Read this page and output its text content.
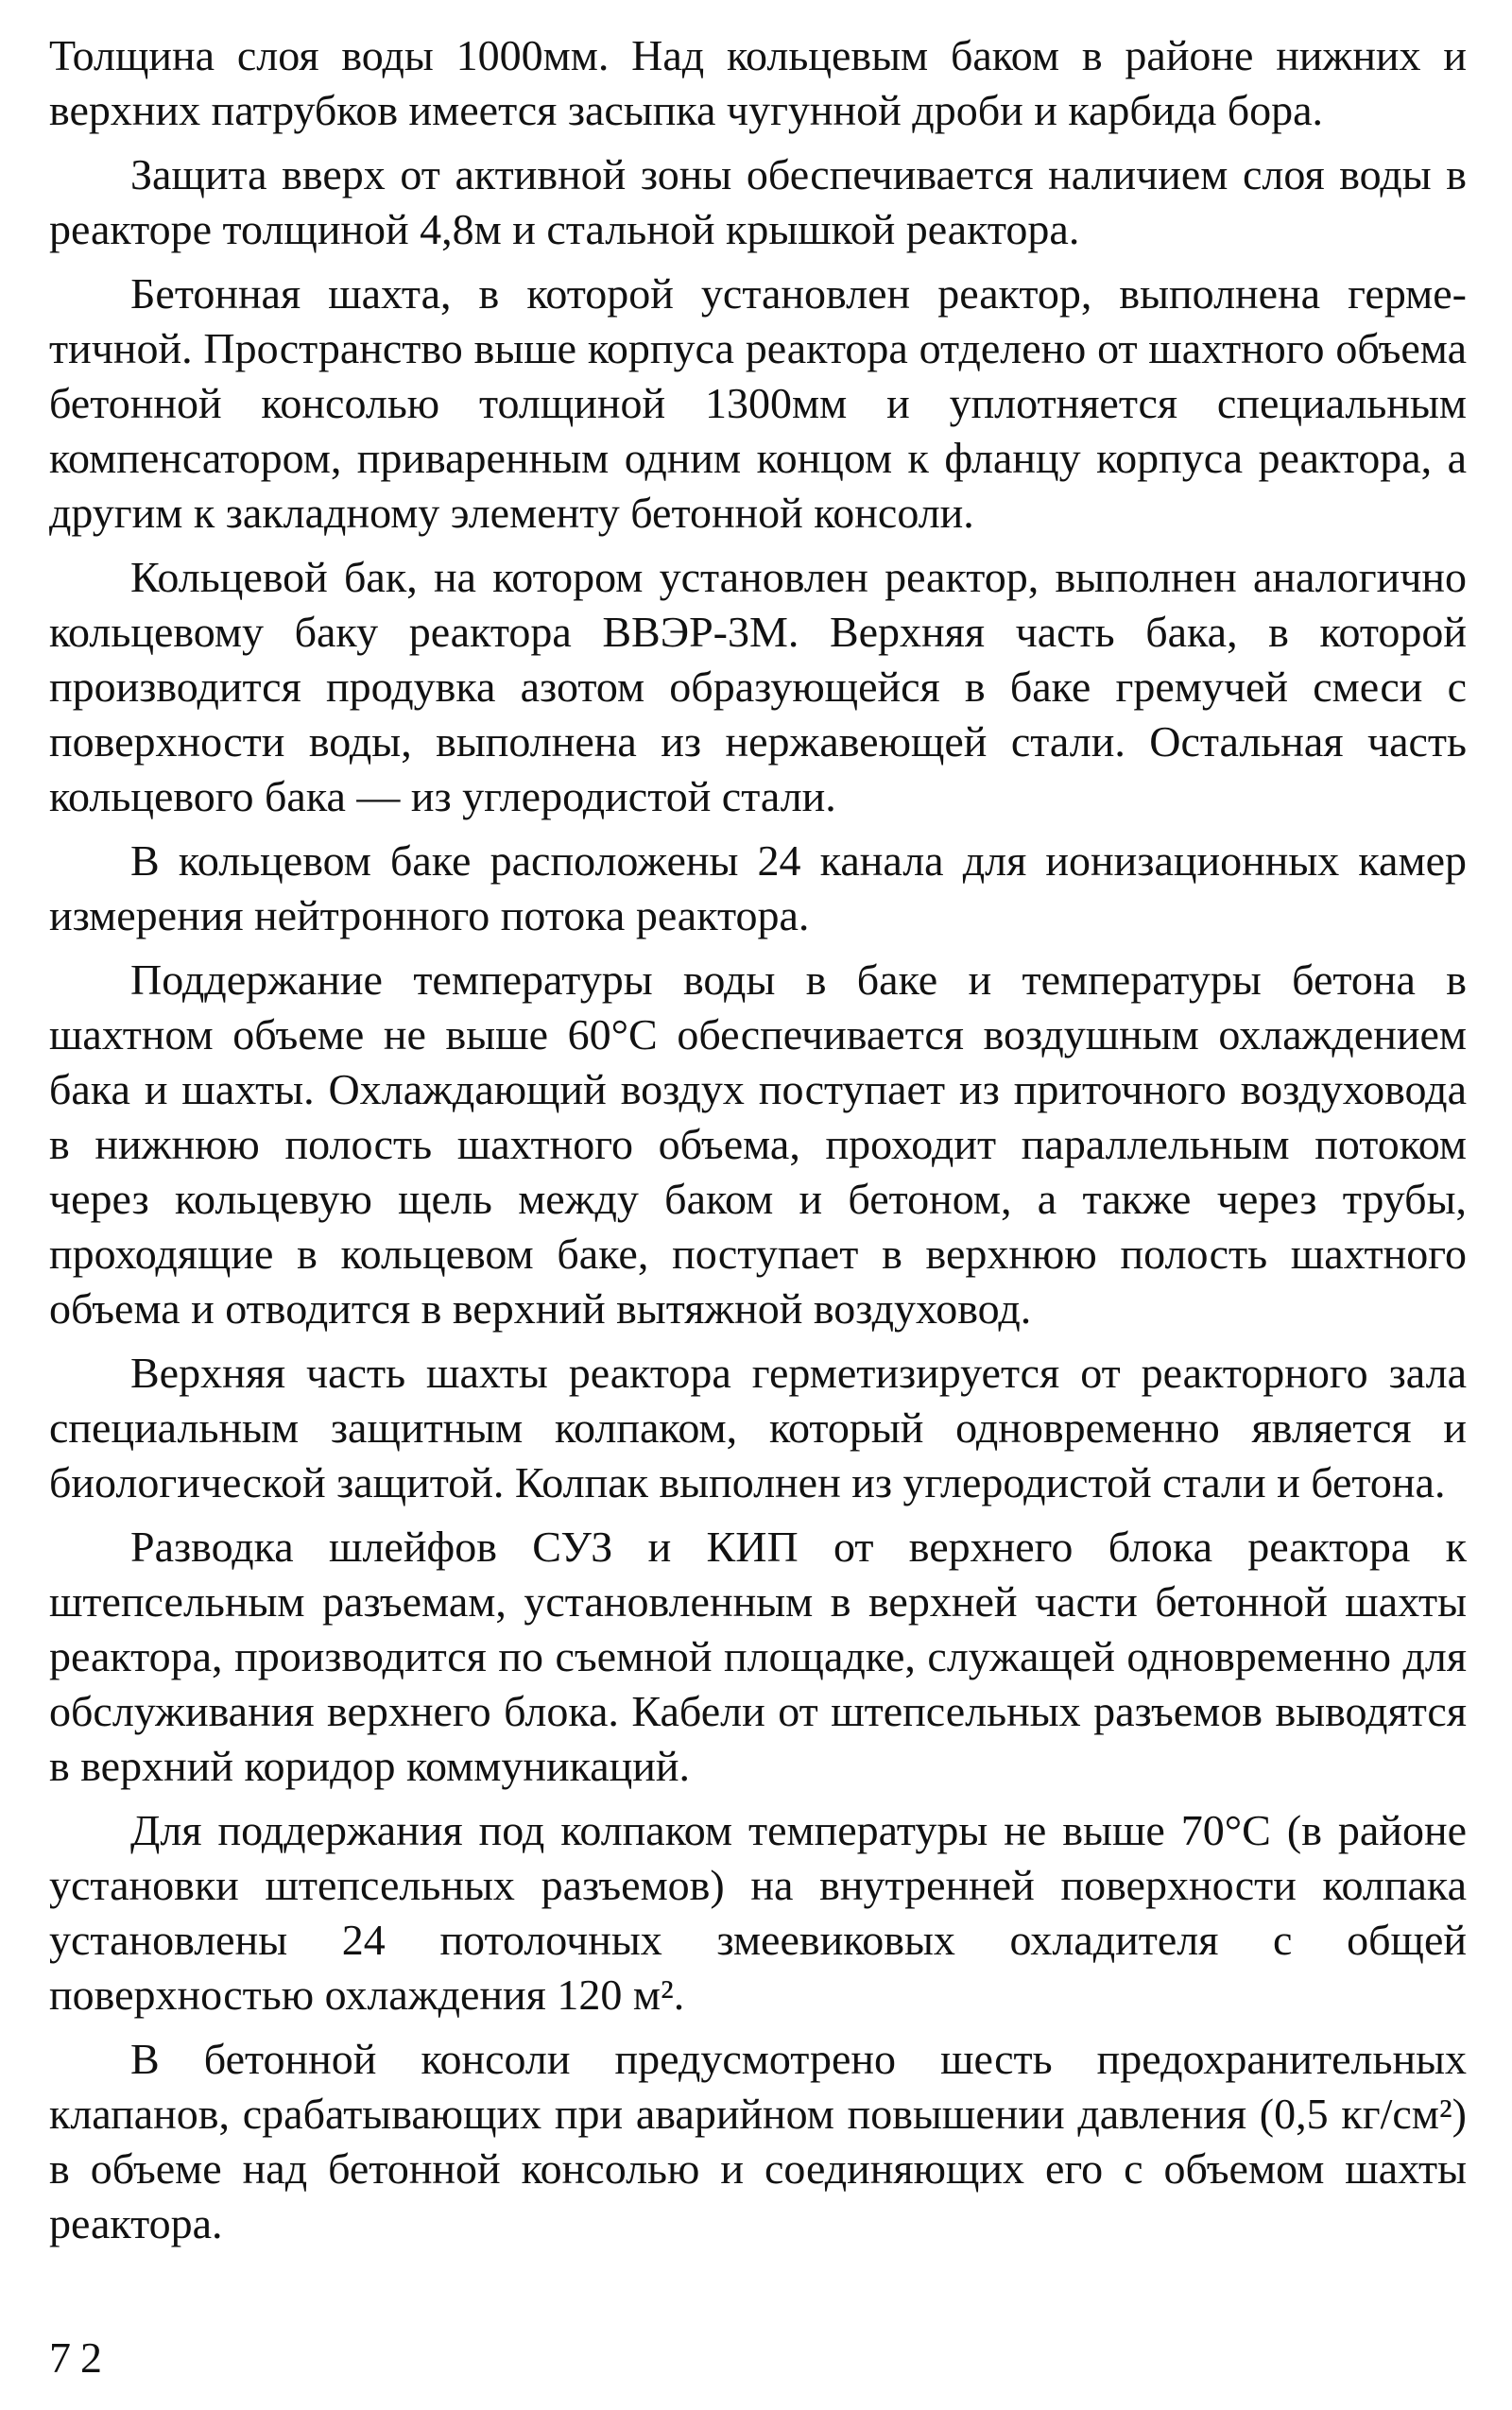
Толщина слоя воды 1000мм. Над кольцевым баком в районе нижних и верхних патрубков имеется засыпка чугунной дроби и карбида бора.

Защита вверх от активной зоны обеспечивается наличием слоя воды в реакторе толщиной 4,8м и стальной крышкой реактора.

Бетонная шахта, в которой установлен реактор, выполнена герметичной. Пространство выше корпуса реактора отделено от шахтного объема бетонной консолью толщиной 1300мм и уплотняется специальным компенсатором, приваренным одним концом к фланцу корпуса реактора, а другим к закладному элементу бетонной консоли.

Кольцевой бак, на котором установлен реактор, выполнен аналогично кольцевому баку реактора ВВЭР-3М. Верхняя часть бака, в которой производится продувка азотом образующейся в баке гремучей смеси с поверхности воды, выполнена из нержавеющей стали. Остальная часть кольцевого бака — из углеродистой стали.

В кольцевом баке расположены 24 канала для ионизационных камер измерения нейтронного потока реактора.

Поддержание температуры воды в баке и температуры бетона в шахтном объеме не выше 60°С обеспечивается воздушным охлаждением бака и шахты. Охлаждающий воздух поступает из приточного воздуховода в нижнюю полость шахтного объема, проходит параллельным потоком через кольцевую щель между баком и бетоном, а также через трубы, проходящие в кольцевом баке, поступает в верхнюю полость шахтного объема и отводится в верхний вытяжной воздуховод.

Верхняя часть шахты реактора герметизируется от реакторного зала специальным защитным колпаком, который одновременно является и биологической защитой. Колпак выполнен из углеродистой стали и бетона.

Разводка шлейфов СУЗ и КИП от верхнего блока реактора к штепсельным разъемам, установленным в верхней части бетонной шахты реактора, производится по съемной площадке, служащей одновременно для обслуживания верхнего блока. Кабели от штепсельных разъемов выводятся в верхний коридор коммуникаций.

Для поддержания под колпаком температуры не выше 70°С (в районе установки штепсельных разъемов) на внутренней поверхности колпака установлены 24 потолочных змеевиковых охладителя с общей поверхностью охлаждения 120 м².

В бетонной консоли предусмотрено шесть предохранительных клапанов, срабатывающих при аварийном повышении давления (0,5 кг/см²) в объеме над бетонной консолью и соединяющих его с объемом шахты реактора.

72
